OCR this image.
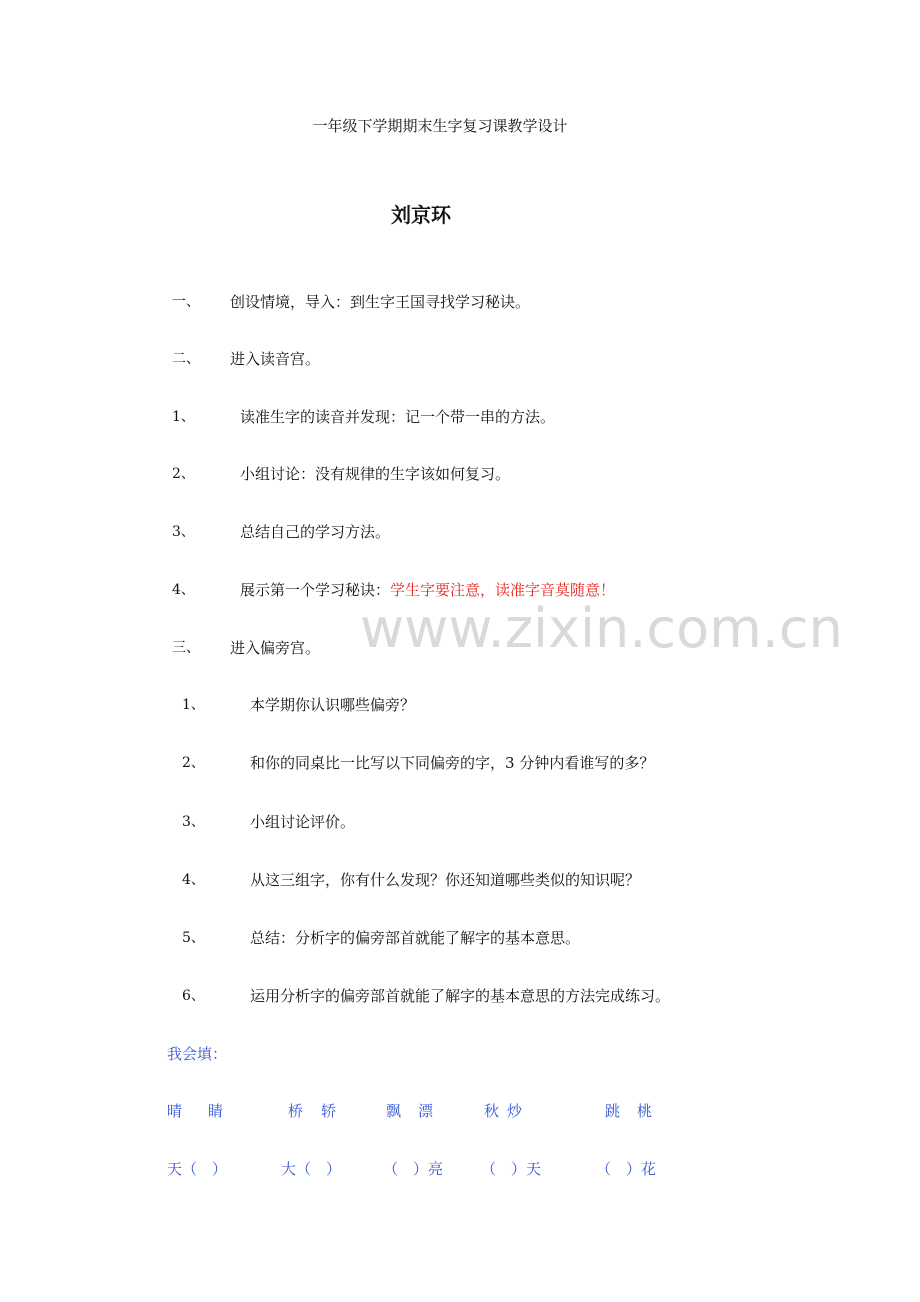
一年级下学期期末生字复习课教学设计
刘京环
一、 创设情境，导入：到生字王国寻找学习秘诀。
二、 进入读音宫。
1、	读准生字的读音并发现：记一个带一串的方法。
2、	小组讨论：没有规律的生字该如何复习。
3、	总结自己的学习方法。
4、	展示第一个学习秘诀：学生字要注意，读准字音莫随意！
www.zixin.com.cn
三、 进入偏旁宫。
1、	本学期你认识哪些偏旁？
2、	和你的同桌比一比写以下同偏旁的字，3 分钟内看谁写的多？
3、	小组讨论评价。
4、	从这三组字，你有什么发现？你还知道哪些类似的知识呢？
5、	总结：分析字的偏旁部首就能了解字的基本意思。
6、	运用分析字的偏旁部首就能了解字的基本意思的方法完成练习。
我会填：
晴 睛	桥 轿	飘 漂	秋 炒	跳 桃
天（　）	大（　）	（　）亮	（　）天	（　）花
